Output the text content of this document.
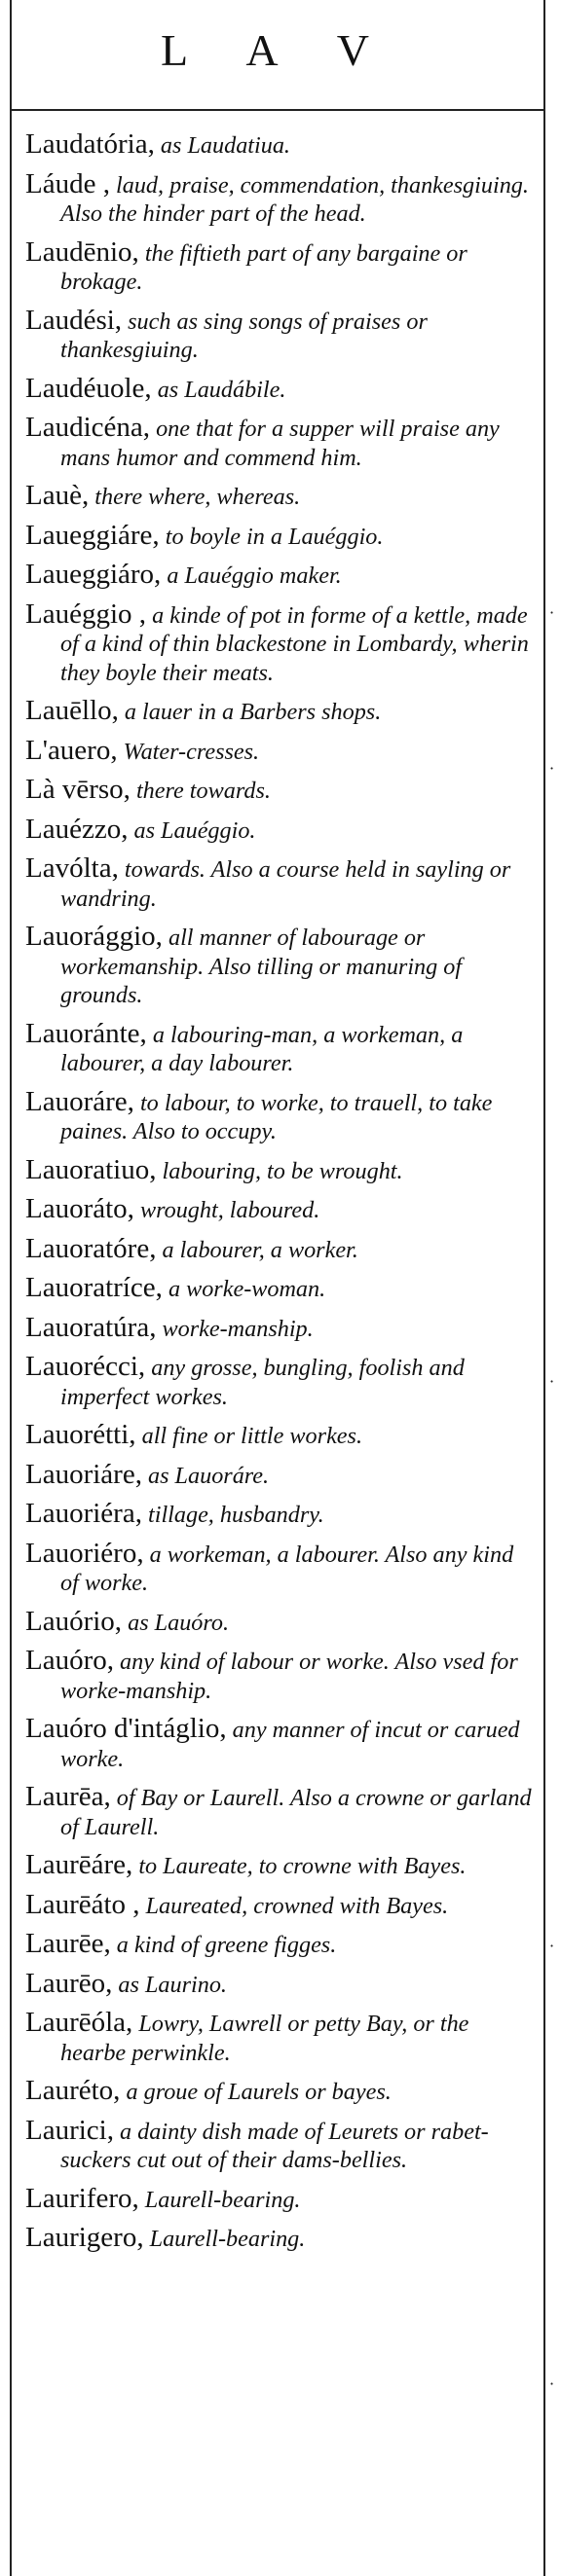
L A V
Laudatória, as Laudatiua.
Láude , laud, praise, commendation, thankesgiuing. Also the hinder part of the head.
Laudēnio, the fiftieth part of any bargaine or brokage.
Laudési, such as sing songs of praises or thankesgiuing.
Laudéuole, as Laudábile.
Laudicéna, one that for a supper will praise any mans humor and commend him.
Lauè, there where, whereas.
Laueggiáre, to boyle in a Lauéggio.
Laueggiáro, a Lauéggio maker.
Lauéggio , a kinde of pot in forme of a kettle, made of a kind of thin blackestone in Lombardy, wherin they boyle their meats.
Lauēllo, a lauer in a Barbers shops.
L'auero, Water-cresses.
Là vērso, there towards.
Lauézzo, as Lauéggio.
Lavólta, towards. Also a course held in sayling or wandring.
Lauorággio, all manner of labourage or workemanship. Also tilling or manuring of grounds.
Lauoránte, a labouring-man, a workeman, a labourer, a day labourer.
Lauoráre, to labour, to worke, to trauell, to take paines. Also to occupy.
Lauoratiuo, labouring, to be wrought.
Lauoráto, wrought, laboured.
Lauoratóre, a labourer, a worker.
Lauoratríce, a worke-woman.
Lauoratúra, worke-manship.
Lauorécci, any grosse, bungling, foolish and imperfect workes.
Lauorétti, all fine or little workes.
Lauoriáre, as Lauoráre.
Lauoriéra, tillage, husbandry.
Lauoriéro, a workeman, a labourer. Also any kind of worke.
Lauório, as Lauóro.
Lauóro, any kind of labour or worke. Also vsed for worke-manship.
Lauóro d'intáglio, any manner of incut or carued worke.
Laurēa, of Bay or Laurell. Also a crowne or garland of Laurell.
Laurēáre, to Laureate, to crowne with Bayes.
Laurēáto , Laureated, crowned with Bayes.
Laurēe, a kind of greene figges.
Laurēo, as Laurino.
Laurēóla, Lowry, Lawrell or petty Bay, or the hearbe perwinkle.
Lauréto, a groue of Laurels or bayes.
Laurici, a dainty dish made of Leurets or rabet-suckers cut out of their dams-bellies.
Laurifero, Laurell-bearing.
Laurigero, Laurell-bearing.
·
·
·
·
·
